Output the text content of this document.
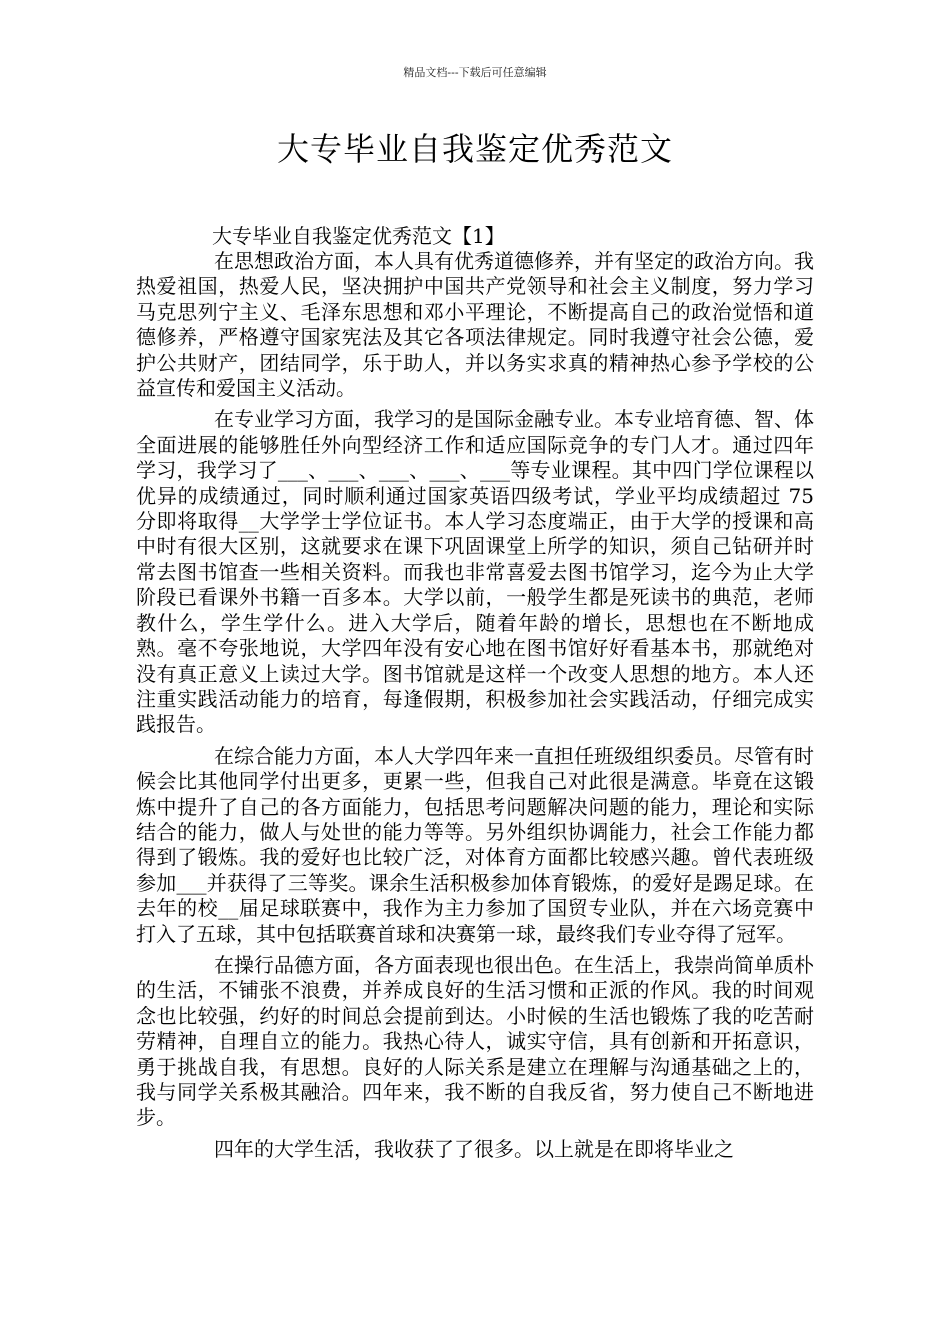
精品文档---下载后可任意编辑
大专毕业自我鉴定优秀范文
大专毕业自我鉴定优秀范文【1】

在思想政治方面，本人具有优秀道德修养，并有坚定的政治方向。我热爱祖国，热爱人民，坚决拥护中国共产党领导和社会主义制度，努力学习马克思列宁主义、毛泽东思想和邓小平理论，不断提高自己的政治觉悟和道德修养，严格遵守国家宪法及其它各项法律规定。同时我遵守社会公德，爱护公共财产，团结同学，乐于助人，并以务实求真的精神热心参予学校的公益宣传和爱国主义活动。

在专业学习方面，我学习的是国际金融专业。本专业培育德、智、体全面进展的能够胜任外向型经济工作和适应国际竞争的专门人才。通过四年学习，我学习了___、___、___、___、___等专业课程。其中四门学位课程以优异的成绩通过，同时顺利通过国家英语四级考试，学业平均成绩超过 75 分即将取得__大学学士学位证书。本人学习态度端正，由于大学的授课和高中时有很大区别，这就要求在课下巩固课堂上所学的知识，须自己钻研并时常去图书馆查一些相关资料。而我也非常喜爱去图书馆学习，迄今为止大学阶段已看课外书籍一百多本。大学以前，一般学生都是死读书的典范，老师教什么，学生学什么。进入大学后，随着年龄的增长，思想也在不断地成熟。毫不夸张地说，大学四年没有安心地在图书馆好好看基本书，那就绝对没有真正意义上读过大学。图书馆就是这样一个改变人思想的地方。本人还注重实践活动能力的培育，每逢假期，积极参加社会实践活动，仔细完成实践报告。

在综合能力方面，本人大学四年来一直担任班级组织委员。尽管有时候会比其他同学付出更多，更累一些，但我自己对此很是满意。毕竟在这锻炼中提升了自己的各方面能力，包括思考问题解决问题的能力，理论和实际结合的能力，做人与处世的能力等等。另外组织协调能力，社会工作能力都得到了锻炼。我的爱好也比较广泛，对体育方面都比较感兴趣。曾代表班级参加___并获得了三等奖。课余生活积极参加体育锻炼，的爱好是踢足球。在去年的校__届足球联赛中，我作为主力参加了国贸专业队，并在六场竞赛中打入了五球，其中包括联赛首球和决赛第一球，最终我们专业夺得了冠军。

在操行品德方面，各方面表现也很出色。在生活上，我崇尚简单质朴的生活，不铺张不浪费，并养成良好的生活习惯和正派的作风。我的时间观念也比较强，约好的时间总会提前到达。小时候的生活也锻炼了我的吃苦耐劳精神，自理自立的能力。我热心待人，诚实守信，具有创新和开拓意识，勇于挑战自我，有思想。良好的人际关系是建立在理解与沟通基础之上的，我与同学关系极其融洽。四年来，我不断的自我反省，努力使自己不断地进步。

四年的大学生活，我收获了了很多。以上就是在即将毕业之
